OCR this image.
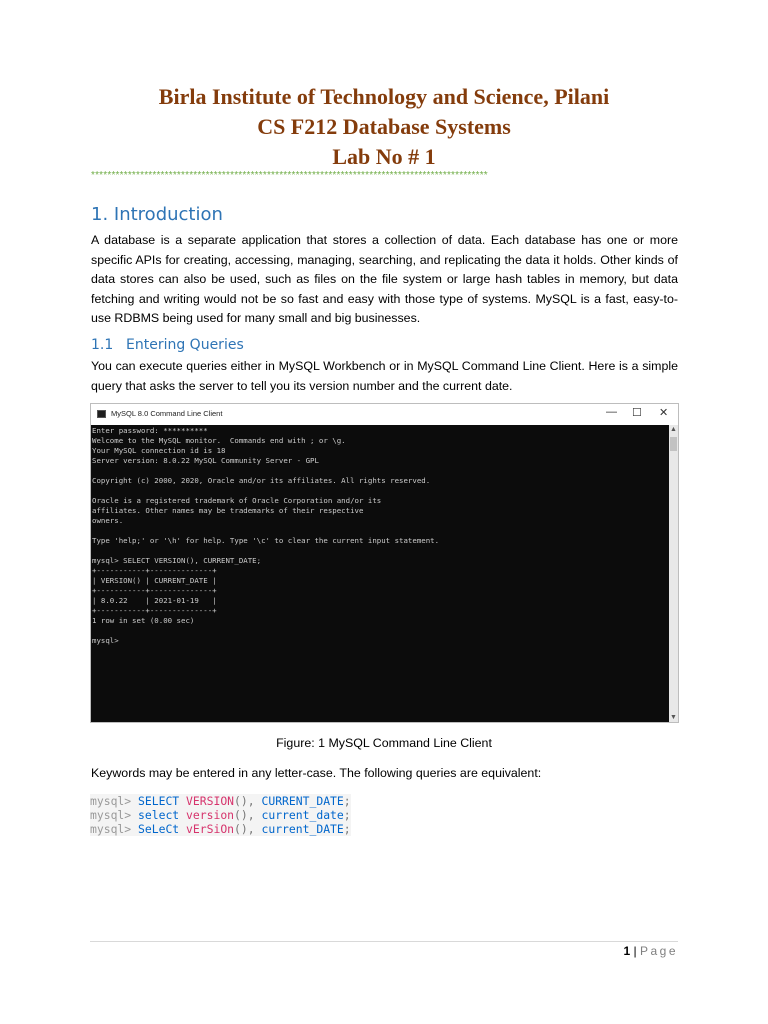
Birla Institute of Technology and Science, Pilani
CS F212 Database Systems
Lab No # 1
*************************************************************************************************
1. Introduction
A database is a separate application that stores a collection of data. Each database has one or more specific APIs for creating, accessing, managing, searching, and replicating the data it holds. Other kinds of data stores can also be used, such as files on the file system or large hash tables in memory, but data fetching and writing would not be so fast and easy with those type of systems. MySQL is a fast, easy-to-use RDBMS being used for many small and big businesses.
1.1 Entering Queries
You can execute queries either in MySQL Workbench or in MySQL Command Line Client. Here is a simple query that asks the server to tell you its version number and the current date.
MySQL 8.0 Command Line Client	— ☐ ✕
Enter password: **********
Welcome to the MySQL monitor.  Commands end with ; or \g.
Your MySQL connection id is 18
Server version: 8.0.22 MySQL Community Server - GPL
Copyright (c) 2000, 2020, Oracle and/or its affiliates. All rights reserved.
Oracle is a registered trademark of Oracle Corporation and/or its
affiliates. Other names may be trademarks of their respective
owners.
Type 'help;' or '\h' for help. Type '\c' to clear the current input statement.
mysql> SELECT VERSION(), CURRENT_DATE;
+-----------+--------------+
| VERSION() | CURRENT_DATE |
+-----------+--------------+
| 8.0.22    | 2021-01-19   |
+-----------+--------------+
1 row in set (0.00 sec)
mysql>
▲
▼
Figure: 1 MySQL Command Line Client
Keywords may be entered in any letter-case. The following queries are equivalent:
mysql> SELECT VERSION(), CURRENT_DATE;
mysql> select version(), current_date;
mysql> SeLeCt vErSiOn(), current_DATE;
1 | Page
